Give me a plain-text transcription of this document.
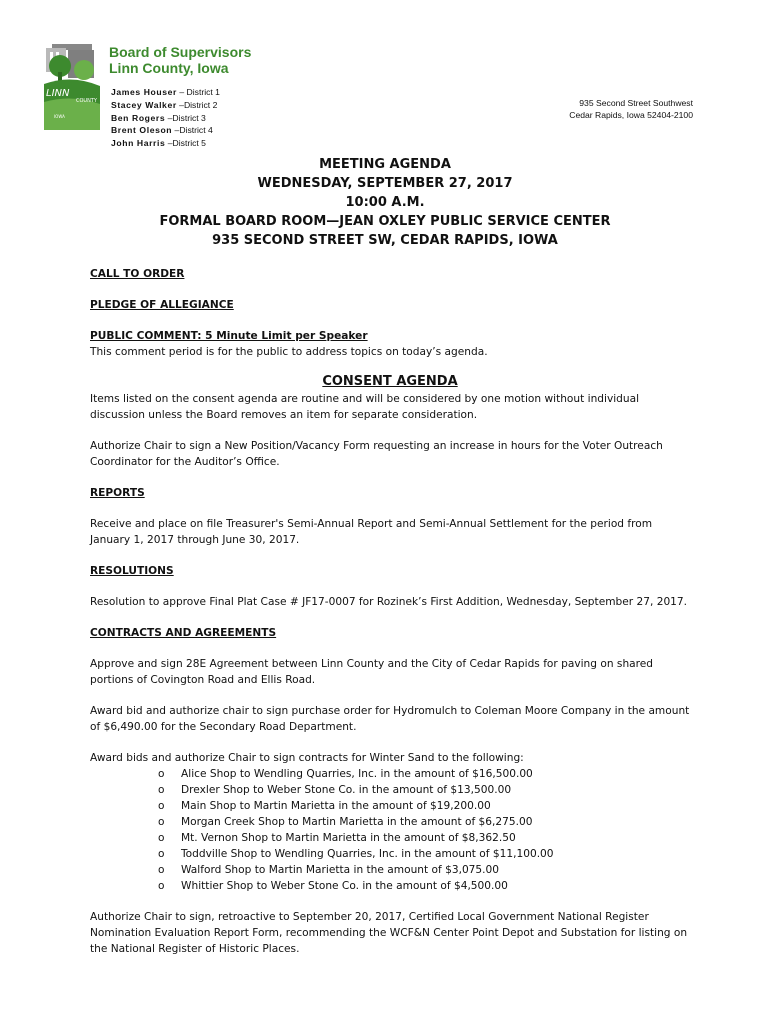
LINN
COUNTY
IOWA
Board of Supervisors
Linn County, Iowa
James Houser – District 1
Stacey Walker –District 2
Ben Rogers –District 3
Brent Oleson –District 4
John Harris –District 5
935 Second Street Southwest
Cedar Rapids, Iowa 52404-2100
MEETING AGENDA
WEDNESDAY, SEPTEMBER 27, 2017
10:00 A.M.
FORMAL BOARD ROOM—JEAN OXLEY PUBLIC SERVICE CENTER
935 SECOND STREET SW, CEDAR RAPIDS, IOWA

CALL TO ORDER

PLEDGE OF ALLEGIANCE

PUBLIC COMMENT: 5 Minute Limit per Speaker

This comment period is for the public to address topics on today’s agenda.

CONSENT AGENDA

Items listed on the consent agenda are routine and will be considered by one motion without individual discussion unless the Board removes an item for separate consideration.

Authorize Chair to sign a New Position/Vacancy Form requesting an increase in hours for the Voter Outreach Coordinator for the Auditor’s Office.

REPORTS

Receive and place on file Treasurer's Semi-Annual Report and Semi-Annual Settlement for the period from January 1, 2017 through June 30, 2017.

RESOLUTIONS

Resolution to approve Final Plat Case # JF17-0007 for Rozinek’s First Addition, Wednesday, September 27, 2017.

CONTRACTS AND AGREEMENTS

Approve and sign 28E Agreement between Linn County and the City of Cedar Rapids for paving on shared portions of Covington Road and Ellis Road.

Award bid and authorize chair to sign purchase order for Hydromulch to Coleman Moore Company in the amount of $6,490.00 for the Secondary Road Department.

Award bids and authorize Chair to sign contracts for Winter Sand to the following:

o Alice Shop to Wendling Quarries, Inc. in the amount of $16,500.00
o Drexler Shop to Weber Stone Co. in the amount of $13,500.00
o Main Shop to Martin Marietta in the amount of $19,200.00
o Morgan Creek Shop to Martin Marietta in the amount of $6,275.00
o Mt. Vernon Shop to Martin Marietta in the amount of $8,362.50
o Toddville Shop to Wendling Quarries, Inc. in the amount of $11,100.00
o Walford Shop to Martin Marietta in the amount of $3,075.00
o Whittier Shop to Weber Stone Co. in the amount of $4,500.00

Authorize Chair to sign, retroactive to September 20, 2017, Certified Local Government National Register Nomination Evaluation Report Form, recommending the WCF&N Center Point Depot and Substation for listing on the National Register of Historic Places.
